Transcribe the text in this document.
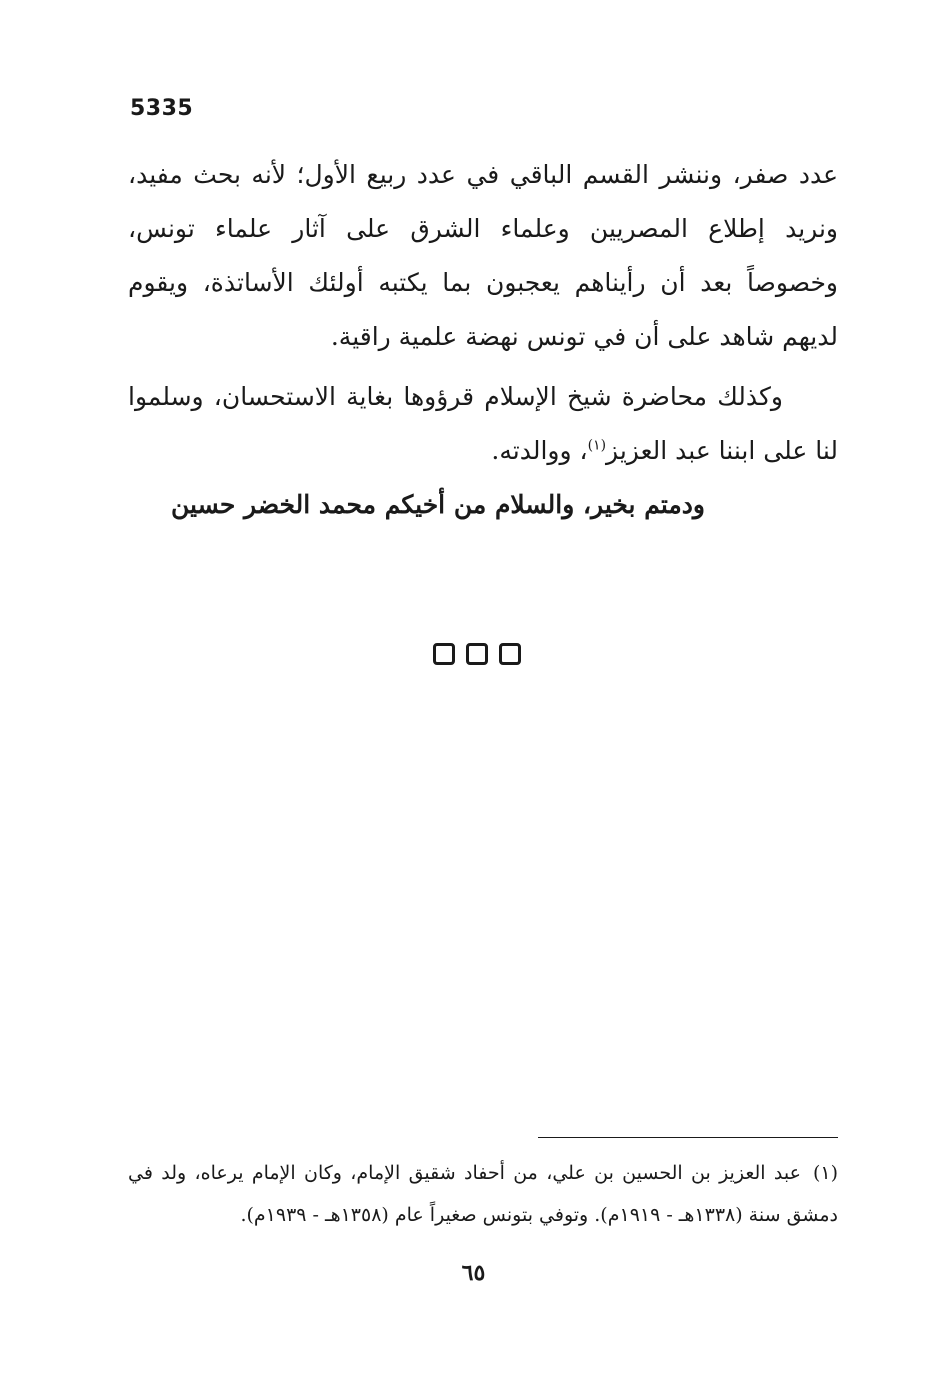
5335

عدد صفر، وننشر القسم الباقي في عدد ربيع الأول؛ لأنه بحث مفيد، ونريد إطلاع المصريين وعلماء الشرق على آثار علماء تونس، وخصوصاً بعد أن رأيناهم يعجبون بما يكتبه أولئك الأساتذة، ويقوم لديهم شاهد على أن في تونس نهضة علمية راقية.

وكذلك محاضرة شيخ الإسلام قرؤوها بغاية الاستحسان، وسلموا لنا على ابننا عبد العزيز$^{(١)}$، ووالدته.

ودمتم بخير، والسلام من أخيكم محمد الخضر حسين

(١)عبد العزيز بن الحسين بن علي، من أحفاد شقيق الإمام، وكان الإمام يرعاه، ولد في دمشق سنة (١٣٣٨هـ - ١٩١٩م). وتوفي بتونس صغيراً عام (١٣٥٨هـ - ١٩٣٩م).

٦٥
